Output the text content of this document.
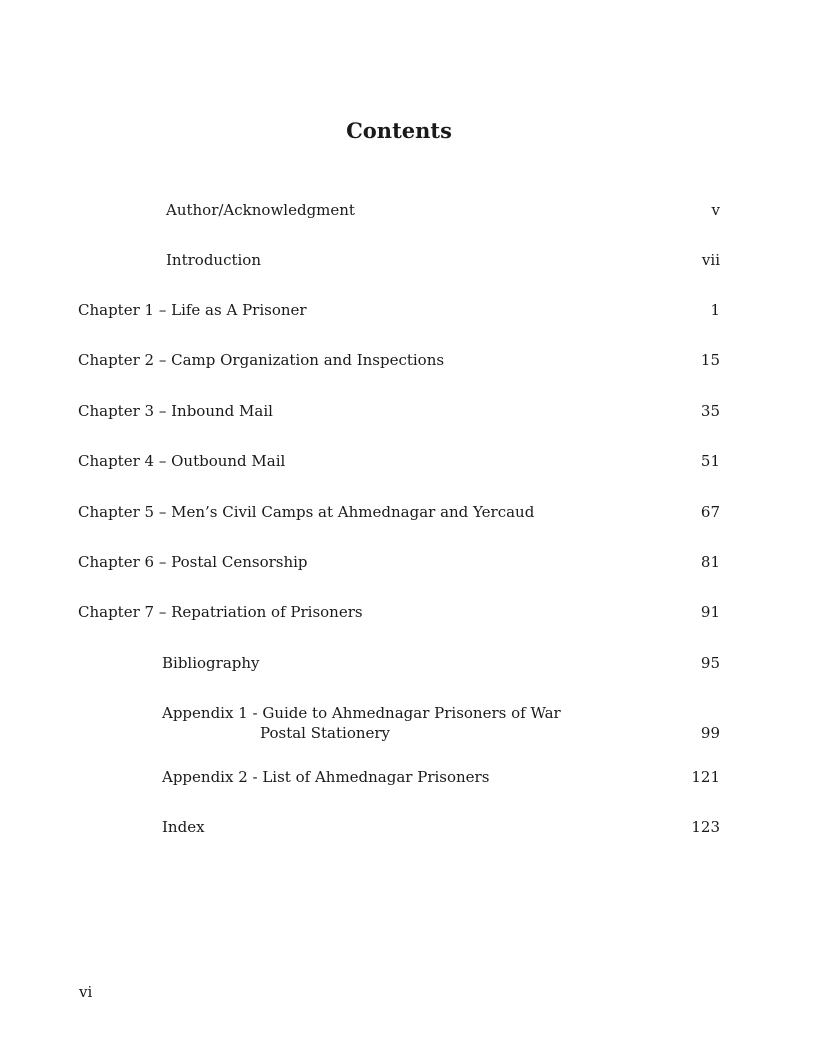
Contents
Author/Acknowledgment	v
Introduction	vii
Chapter 1 – Life as A Prisoner	1
Chapter 2 – Camp Organization and Inspections	15
Chapter 3 – Inbound Mail	35
Chapter 4 – Outbound Mail	51
Chapter 5 – Men’s Civil Camps at Ahmednagar and Yercaud	67
Chapter 6 – Postal Censorship	81
Chapter 7 – Repatriation of Prisoners	91
Bibliography	95
Appendix 1 - Guide to Ahmednagar Prisoners of War
Postal Stationery	99
Appendix 2 - List of Ahmednagar Prisoners	121
Index	123
vi
